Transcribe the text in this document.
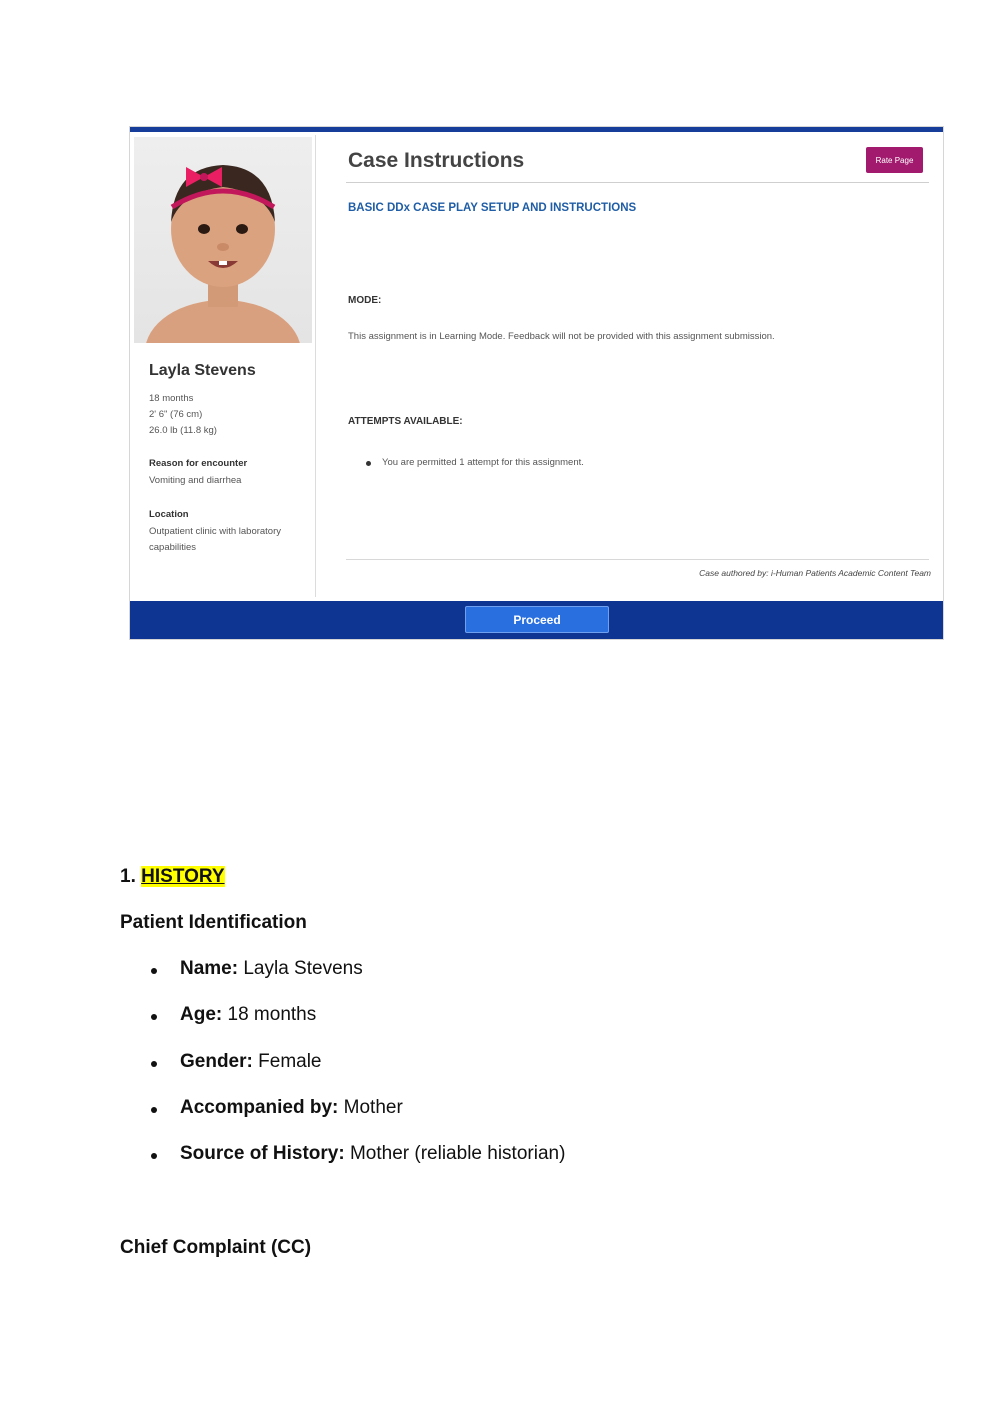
Layla Stevens
18 months
2' 6" (76 cm)
26.0 lb (11.8 kg)
Reason for encounter
Vomiting and diarrhea
Location
Outpatient clinic with laboratory
capabilities
Case Instructions	Rate Page
BASIC DDx CASE PLAY SETUP AND INSTRUCTIONS
MODE:
This assignment is in Learning Mode. Feedback will not be provided with this assignment submission.
ATTEMPTS AVAILABLE:
You are permitted 1 attempt for this assignment.
Case authored by: i-Human Patients Academic Content Team
Proceed
1. HISTORY
Patient Identification
Name: Layla Stevens
Age: 18 months
Gender: Female
Accompanied by: Mother
Source of History: Mother (reliable historian)
Chief Complaint (CC)
